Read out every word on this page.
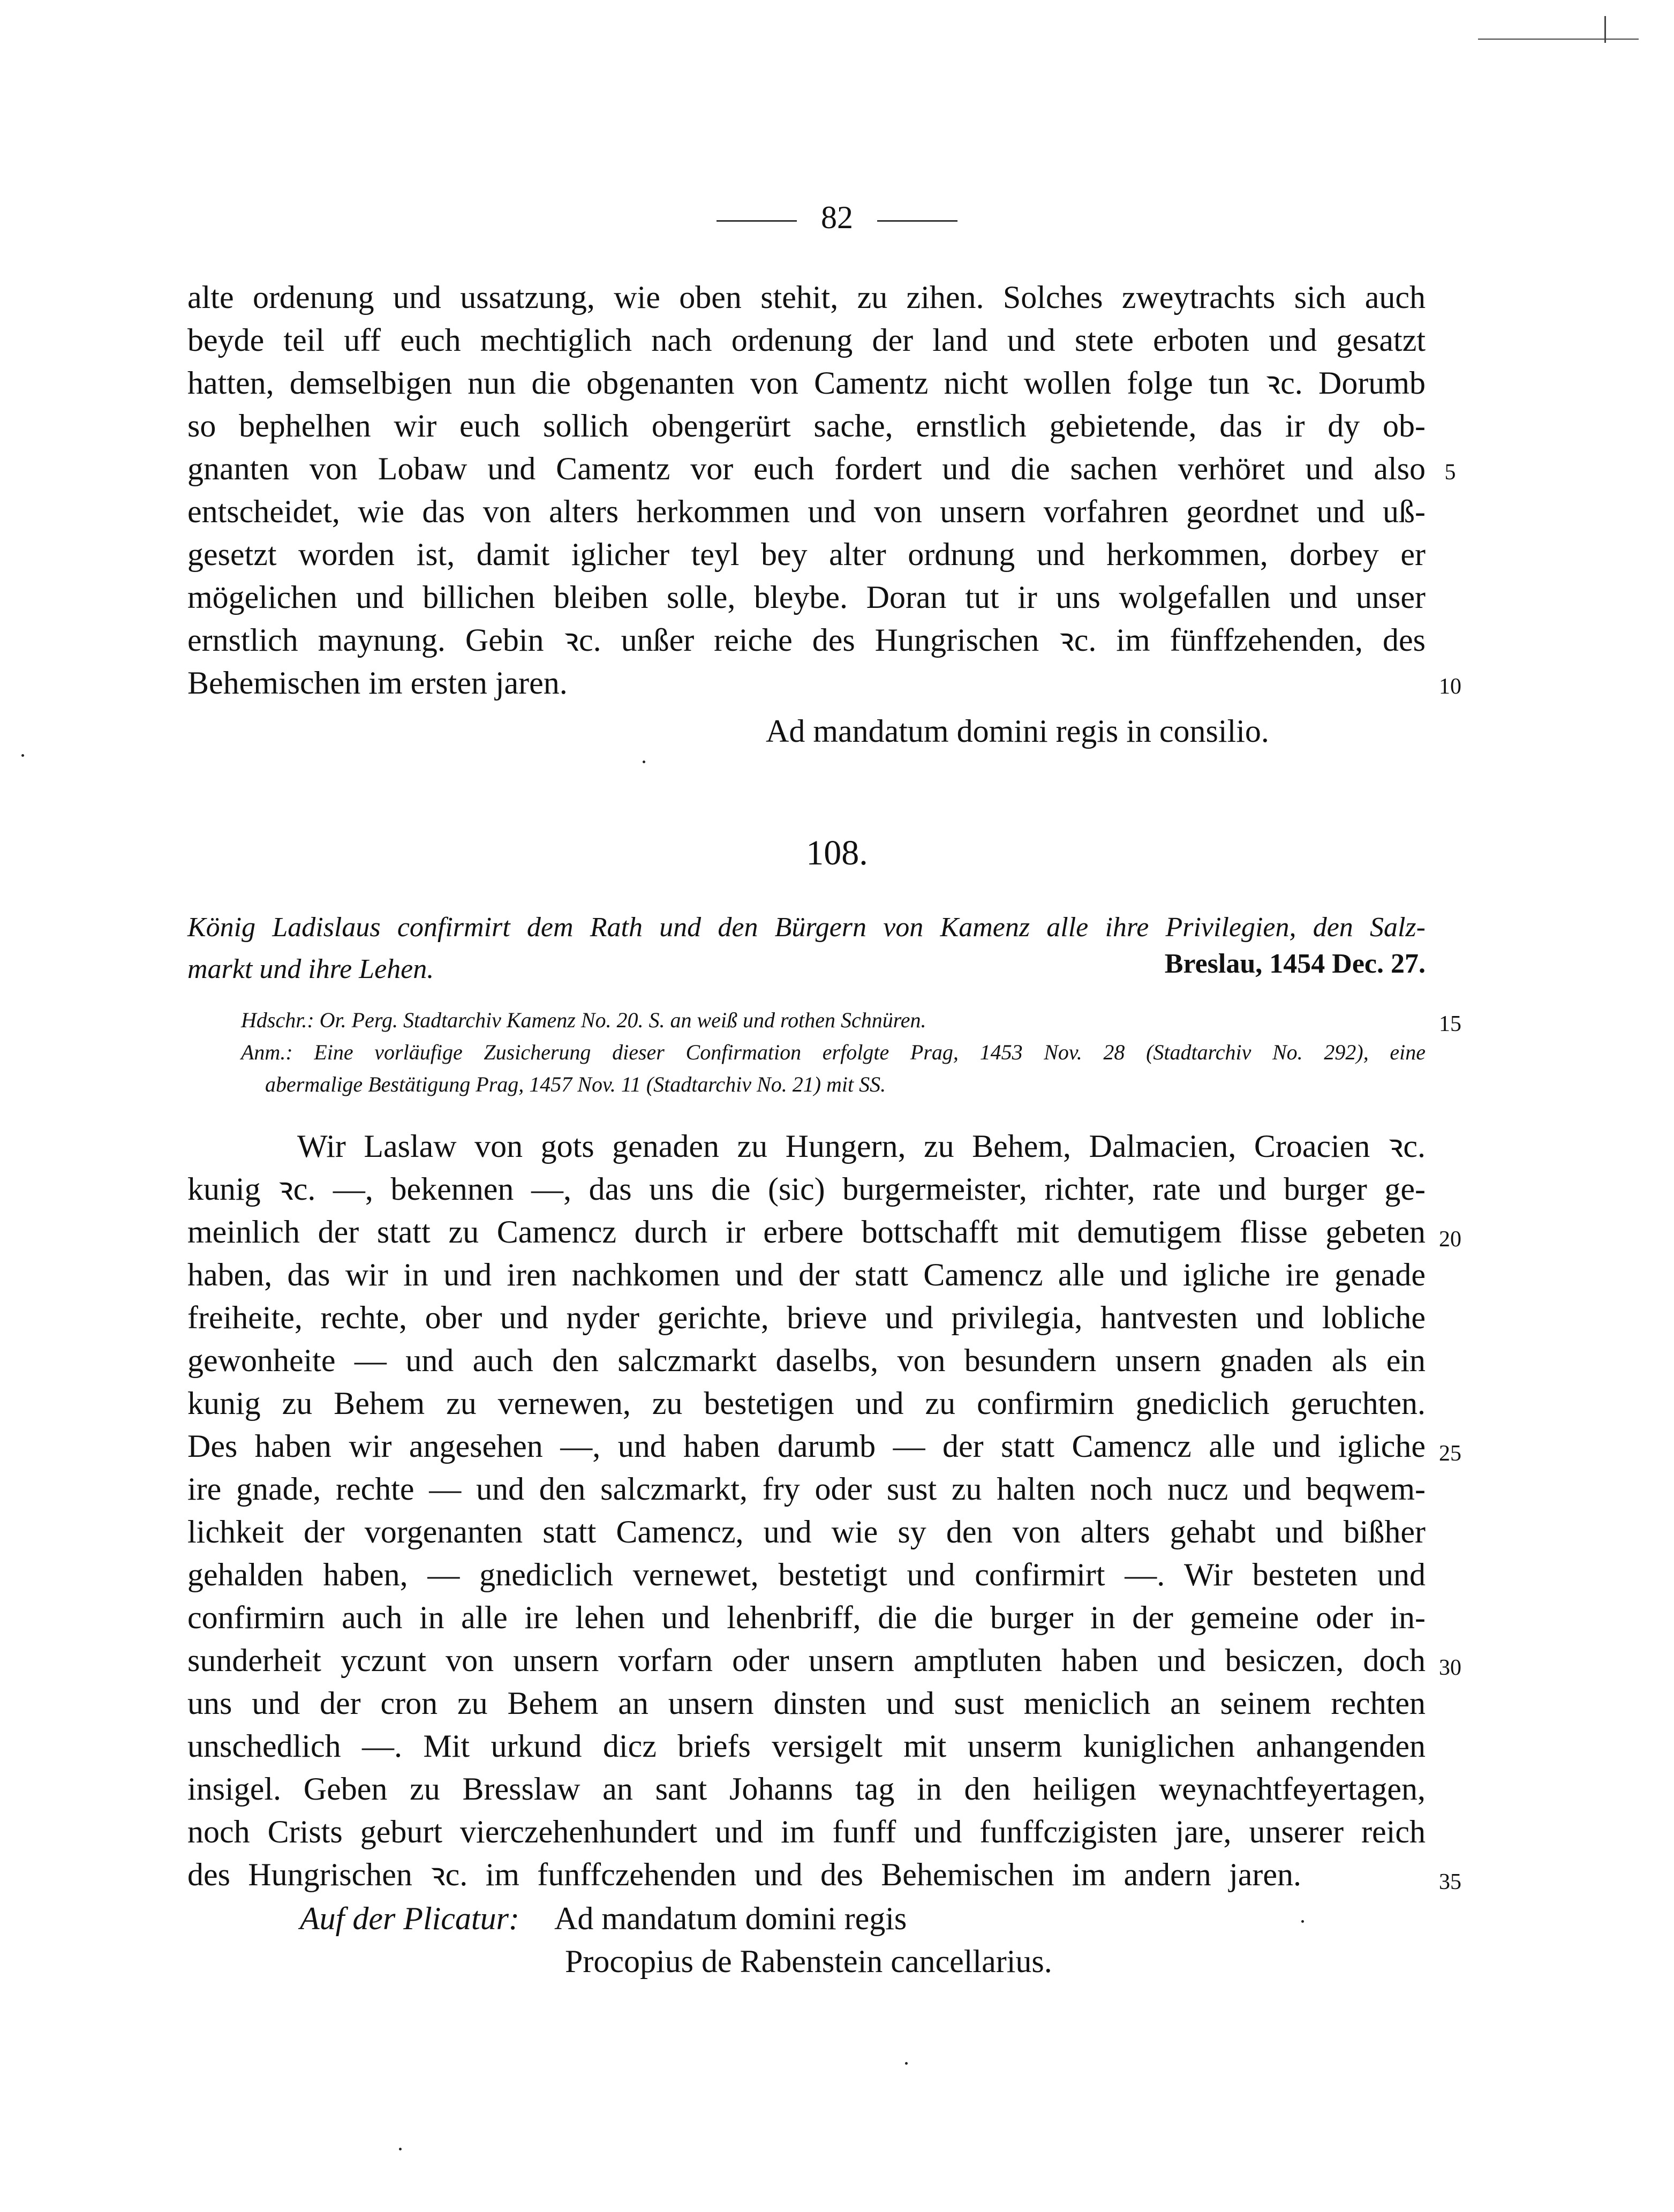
82
alte ordenung und ussatzung, wie oben stehit, zu zihen. Solches zweytrachts sich auch
beyde teil uff euch mechtiglich nach ordenung der land und stete erboten und gesatzt
hatten, demselbigen nun die obgenanten von Camentz nicht wollen folge tun ꝛc. Dorumb
so bephelhen wir euch sollich obengerürt sache, ernstlich gebietende, das ir dy ob-
gnanten von Lobaw und Camentz vor euch fordert und die sachen verhöret und also
entscheidet, wie das von alters herkommen und von unsern vorfahren geordnet und uß-
gesetzt worden ist, damit iglicher teyl bey alter ordnung und herkommen, dorbey er
mögelichen und billichen bleiben solle, bleybe. Doran tut ir uns wolgefallen und unser
ernstlich maynung. Gebin ꝛc. unßer reiche des Hungrischen ꝛc. im fünffzehenden, des
Behemischen im ersten jaren.
Ad mandatum domini regis in consilio.
5
10
15
20
25
30
35
108.
König Ladislaus confirmirt dem Rath und den Bürgern von Kamenz alle ihre Privilegien, den Salz-
markt und ihre Lehen.	Breslau, 1454 Dec. 27.
Hdschr.: Or. Perg. Stadtarchiv Kamenz No. 20. S. an weiß und rothen Schnüren.
Anm.: Eine vorläufige Zusicherung dieser Confirmation erfolgte Prag, 1453 Nov. 28 (Stadtarchiv No. 292), eine
abermalige Bestätigung Prag, 1457 Nov. 11 (Stadtarchiv No. 21) mit SS.
Wir Laslaw von gots genaden zu Hungern, zu Behem, Dalmacien, Croacien ꝛc.
kunig ꝛc. —, bekennen —, das uns die (sic) burgermeister, richter, rate und burger ge-
meinlich der statt zu Camencz durch ir erbere bottschafft mit demutigem flisse gebeten
haben, das wir in und iren nachkomen und der statt Camencz alle und igliche ire genade
freiheite, rechte, ober und nyder gerichte, brieve und privilegia, hantvesten und lobliche
gewonheite — und auch den salczmarkt daselbs, von besundern unsern gnaden als ein
kunig zu Behem zu vernewen, zu bestetigen und zu confirmirn gnediclich geruchten.
Des haben wir angesehen —, und haben darumb — der statt Camencz alle und igliche
ire gnade, rechte — und den salczmarkt, fry oder sust zu halten noch nucz und beqwem-
lichkeit der vorgenanten statt Camencz, und wie sy den von alters gehabt und bißher
gehalden haben, — gnediclich vernewet, bestetigt und confirmirt —. Wir besteten und
confirmirn auch in alle ire lehen und lehenbriff, die die burger in der gemeine oder in-
sunderheit yczunt von unsern vorfarn oder unsern amptluten haben und besiczen, doch
uns und der cron zu Behem an unsern dinsten und sust meniclich an seinem rechten
unschedlich —. Mit urkund dicz briefs versigelt mit unserm kuniglichen anhangenden
insigel. Geben zu Bresslaw an sant Johanns tag in den heiligen weynachtfeyertagen,
noch Crists geburt vierczehenhundert und im funff und funffczigisten jare, unserer reich
des Hungrischen ꝛc. im funffczehenden und des Behemischen im andern jaren.
Auf der Plicatur: Ad mandatum domini regis
Procopius de Rabenstein cancellarius.
